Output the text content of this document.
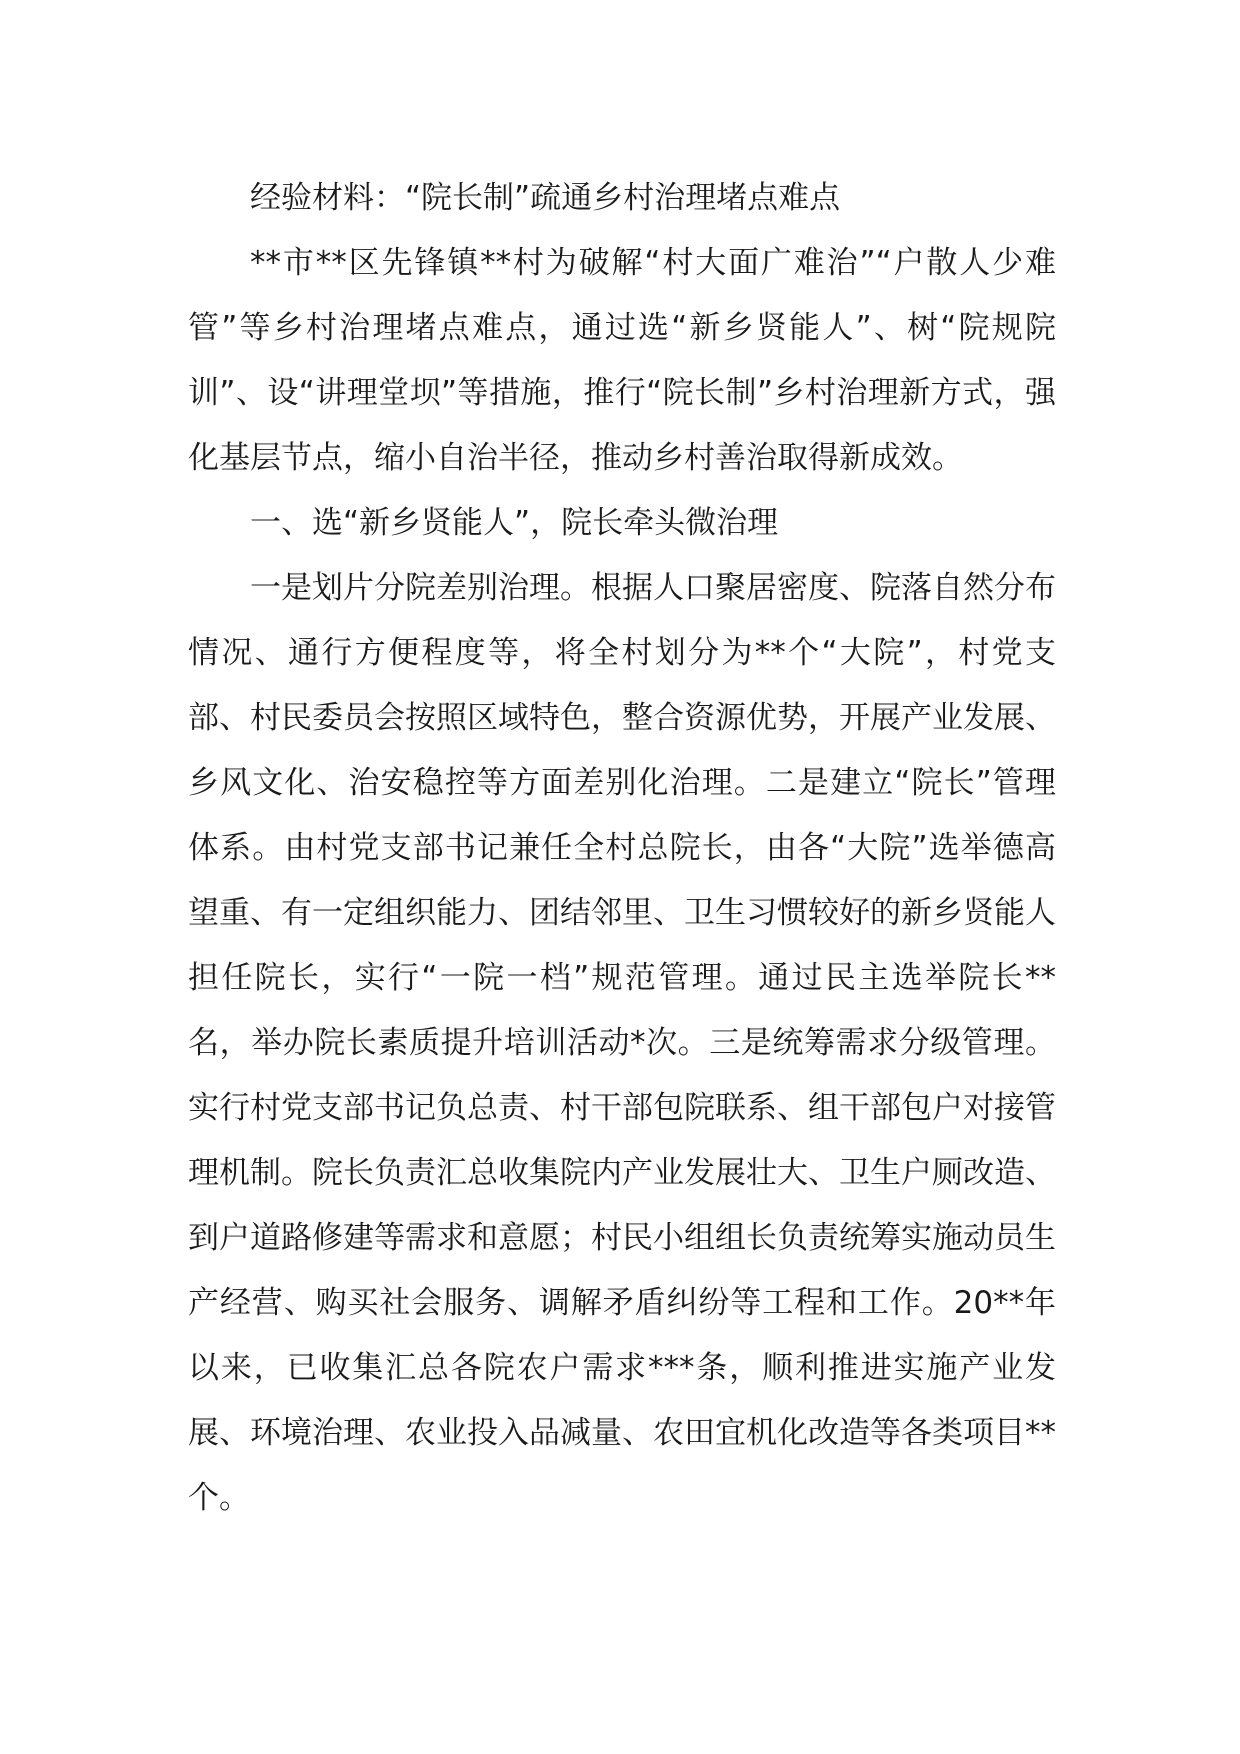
经验材料：“院长制”疏通乡村治理堵点难点

**市**区先锋镇**村为破解“村大面广难治”“户散人少难管”等乡村治理堵点难点，通过选“新乡贤能人”、树“院规院训”、设“讲理堂坝”等措施，推行“院长制”乡村治理新方式，强化基层节点，缩小自治半径，推动乡村善治取得新成效。

一、选“新乡贤能人”，院长牵头微治理

一是划片分院差别治理。根据人口聚居密度、院落自然分布情况、通行方便程度等，将全村划分为**个“大院”，村党支部、村民委员会按照区域特色，整合资源优势，开展产业发展、乡风文化、治安稳控等方面差别化治理。二是建立“院长”管理体系。由村党支部书记兼任全村总院长，由各“大院”选举德高望重、有一定组织能力、团结邻里、卫生习惯较好的新乡贤能人担任院长，实行“一院一档”规范管理。通过民主选举院长**名，举办院长素质提升培训活动*次。三是统筹需求分级管理。实行村党支部书记负总责、村干部包院联系、组干部包户对接管理机制。院长负责汇总收集院内产业发展壮大、卫生户厕改造、到户道路修建等需求和意愿；村民小组组长负责统筹实施动员生产经营、购买社会服务、调解矛盾纠纷等工程和工作。20**年以来，已收集汇总各院农户需求***条，顺利推进实施产业发展、环境治理、农业投入品减量、农田宜机化改造等各类项目**个。
